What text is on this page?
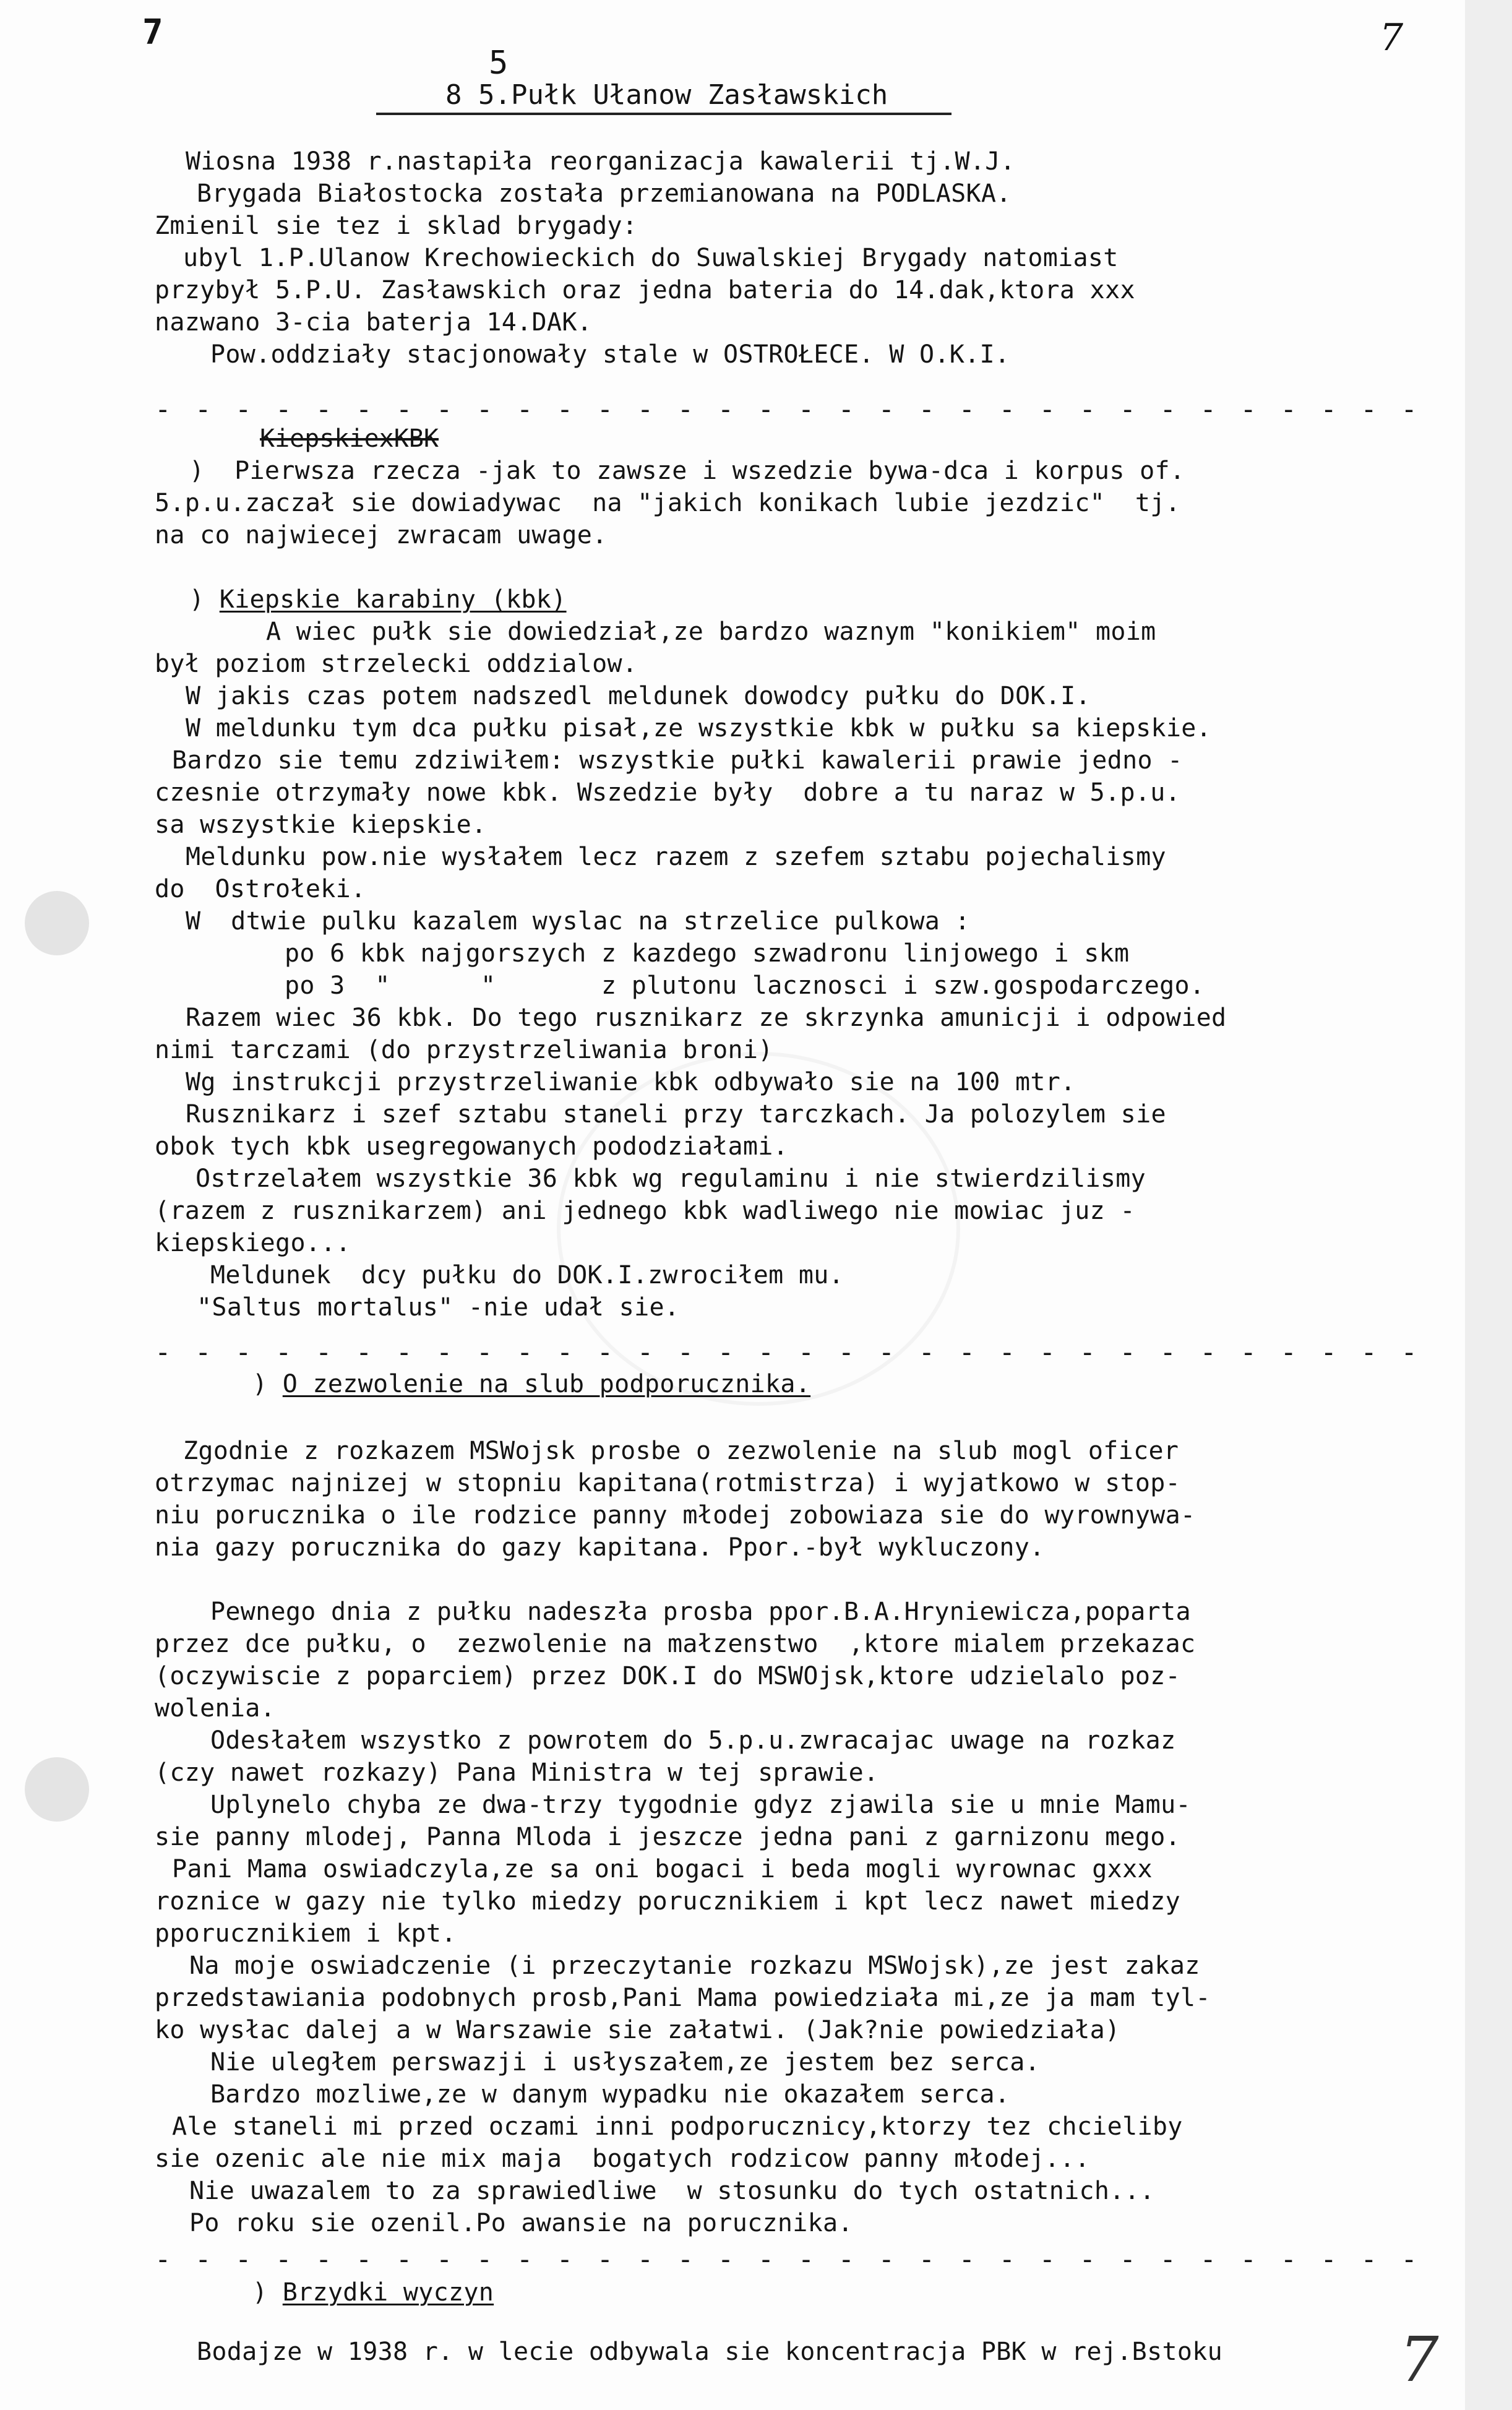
7	7
5
8 5.Pułk Ułanow Zasławskich
Wiosna 1938 r.nastapiła reorganizacja kawalerii tj.W.J.
Brygada Białostocka została przemianowana na PODLASKA.
Zmienil sie tez i sklad brygady:
ubyl 1.P.Ulanow Krechowieckich do Suwalskiej Brygady natomiast
przybył 5.P.U. Zasławskich oraz jedna bateria do 14.dak,ktora xxx
nazwano 3-cia baterja 14.DAK.
Pow.oddziały stacjonowały stale w OSTROŁECE. W O.K.I.
- - - - - - - - - - - - - - - - - - - - - - - - - - - - - - - -
KiepskiexKBK
)  Pierwsza rzecza -jak to zawsze i wszedzie bywa-dca i korpus of.
5.p.u.zaczał sie dowiadywac  na "jakich konikach lubie jezdzic"  tj.
na co najwiecej zwracam uwage.
) Kiepskie karabiny (kbk)
A wiec pułk sie dowiedział,ze bardzo waznym "konikiem" moim
był poziom strzelecki oddzialow.
W jakis czas potem nadszedl meldunek dowodcy pułku do DOK.I.
W meldunku tym dca pułku pisał,ze wszystkie kbk w pułku sa kiepskie.
Bardzo sie temu zdziwiłem: wszystkie pułki kawalerii prawie jedno -
czesnie otrzymały nowe kbk. Wszedzie były  dobre a tu naraz w 5.p.u.
sa wszystkie kiepskie.
Meldunku pow.nie wysłałem lecz razem z szefem sztabu pojechalismy
do  Ostrołeki.
W  dtwie pulku kazalem wyslac na strzelice pulkowa :
po 6 kbk najgorszych z kazdego szwadronu linjowego i skm
po 3  "      "       z plutonu lacznosci i szw.gospodarczego.
Razem wiec 36 kbk. Do tego rusznikarz ze skrzynka amunicji i odpowied
nimi tarczami (do przystrzeliwania broni)
Wg instrukcji przystrzeliwanie kbk odbywało sie na 100 mtr.
Rusznikarz i szef sztabu staneli przy tarczkach. Ja polozylem sie
obok tych kbk usegregowanych pododziałami.
Ostrzelałem wszystkie 36 kbk wg regulaminu i nie stwierdzilismy
(razem z rusznikarzem) ani jednego kbk wadliwego nie mowiac juz -
kiepskiego...
Meldunek  dcy pułku do DOK.I.zwrociłem mu.
"Saltus mortalus" -nie udał sie.
- - - - - - - - - - - - - - - - - - - - - - - - - - - - - - - -
) O zezwolenie na slub podporucznika.
Zgodnie z rozkazem MSWojsk prosbe o zezwolenie na slub mogl oficer
otrzymac najnizej w stopniu kapitana(rotmistrza) i wyjatkowo w stop-
niu porucznika o ile rodzice panny młodej zobowiaza sie do wyrownywa-
nia gazy porucznika do gazy kapitana. Ppor.-był wykluczony.
Pewnego dnia z pułku nadeszła prosba ppor.B.A.Hryniewicza,poparta
przez dce pułku, o  zezwolenie na małzenstwo  ,ktore mialem przekazac
(oczywiscie z poparciem) przez DOK.I do MSWOjsk,ktore udzielalo poz-
wolenia.
Odesłałem wszystko z powrotem do 5.p.u.zwracajac uwage na rozkaz
(czy nawet rozkazy) Pana Ministra w tej sprawie.
Uplynelo chyba ze dwa-trzy tygodnie gdyz zjawila sie u mnie Mamu-
sie panny mlodej, Panna Mloda i jeszcze jedna pani z garnizonu mego.
Pani Mama oswiadczyla,ze sa oni bogaci i beda mogli wyrownac gxxx
roznice w gazy nie tylko miedzy porucznikiem i kpt lecz nawet miedzy
pporucznikiem i kpt.
Na moje oswiadczenie (i przeczytanie rozkazu MSWojsk),ze jest zakaz
przedstawiania podobnych prosb,Pani Mama powiedziała mi,ze ja mam tyl-
ko wysłac dalej a w Warszawie sie załatwi. (Jak?nie powiedziała)
Nie uległem perswazji i usłyszałem,ze jestem bez serca.
Bardzo mozliwe,ze w danym wypadku nie okazałem serca.
Ale staneli mi przed oczami inni podporucznicy,ktorzy tez chcieliby
sie ozenic ale nie mix maja  bogatych rodzicow panny młodej...
Nie uwazalem to za sprawiedliwe  w stosunku do tych ostatnich...
Po roku sie ozenil.Po awansie na porucznika.
- - - - - - - - - - - - - - - - - - - - - - - - - - - - - - - -
) Brzydki wyczyn
Bodajze w 1938 r. w lecie odbywala sie koncentracja PBK w rej.Bstoku	7
